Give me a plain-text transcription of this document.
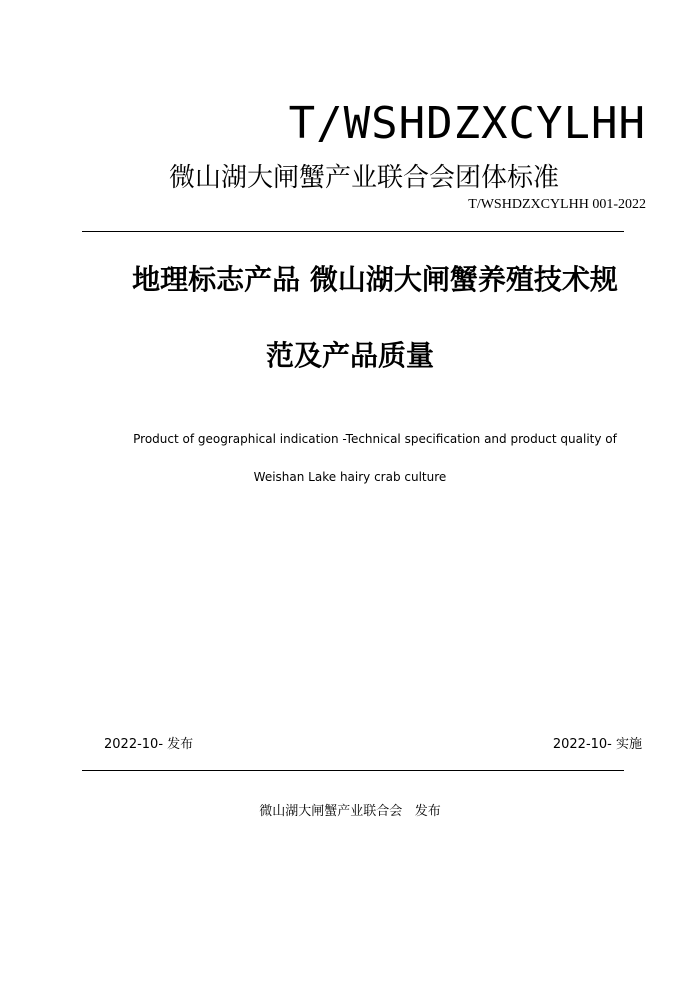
T/WSHDZXCYLHH
微山湖大闸蟹产业联合会团体标准
T/WSHDZXCYLHH 001-2022
地理标志产品 微山湖大闸蟹养殖技术规
范及产品质量
Product of geographical indication -Technical specification and product quality of
Weishan Lake hairy crab culture
2022-10- 发布	2022-10- 实施
微山湖大闸蟹产业联合会   发布
